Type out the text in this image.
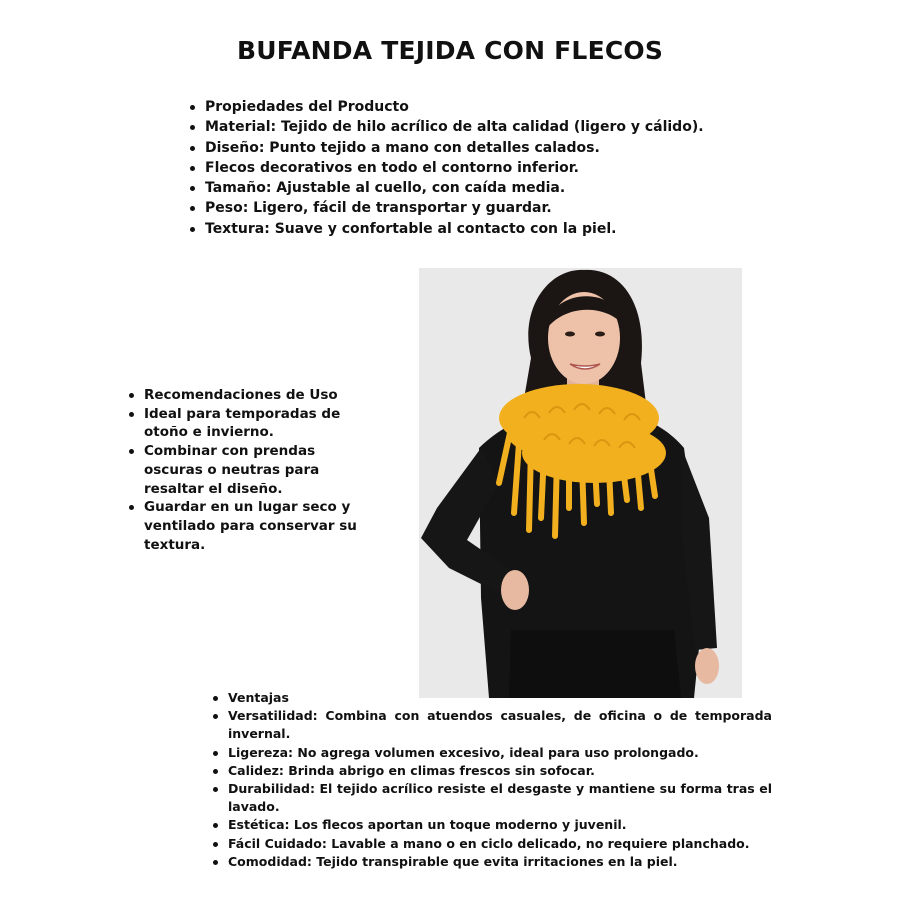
BUFANDA TEJIDA CON FLECOS
Propiedades del Producto
Material: Tejido de hilo acrílico de alta calidad (ligero y cálido).
Diseño: Punto tejido a mano con detalles calados.
Flecos decorativos en todo el contorno inferior.
Tamaño: Ajustable al cuello, con caída media.
Peso: Ligero, fácil de transportar y guardar.
Textura: Suave y confortable al contacto con la piel.
Recomendaciones de Uso
Ideal para temporadas de otoño e invierno.
Combinar con prendas oscuras o neutras para resaltar el diseño.
Guardar en un lugar seco y ventilado para conservar su textura.
Ventajas
Versatilidad: Combina con atuendos casuales, de oficina o de temporada invernal.
Ligereza: No agrega volumen excesivo, ideal para uso prolongado.
Calidez: Brinda abrigo en climas frescos sin sofocar.
Durabilidad: El tejido acrílico resiste el desgaste y mantiene su forma tras el lavado.
Estética: Los flecos aportan un toque moderno y juvenil.
Fácil Cuidado: Lavable a mano o en ciclo delicado, no requiere planchado.
Comodidad: Tejido transpirable que evita irritaciones en la piel.
